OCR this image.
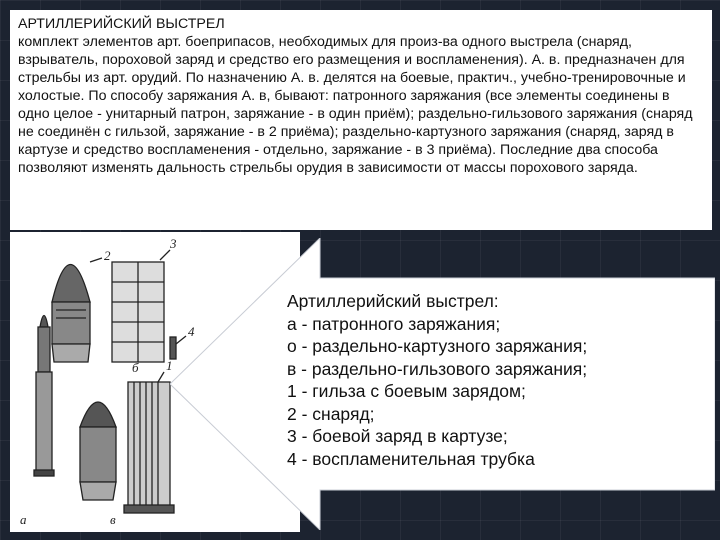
АРТИЛЛЕРИЙСКИЙ ВЫСТРЕЛ
комплект элементов арт. боеприпасов, необходимых для произ-ва одного выстрела (снаряд, взрыватель, пороховой заряд и средство его размещения и воспламенения). А. в. предназначен для стрельбы из арт. орудий. По назначению А. в. делятся на боевые, практич., учебно-тренировочные и холостые. По способу заряжания А. в, бывают: патронного заряжания (все элементы соединены в одно целое - унитарный патрон, заряжание - в один приём); раздельно-гильзового заряжания (снаряд не соединён с гильзой, заряжание - в 2 приёма); раздельно-картузного заряжания (снаряд, заряд в картузе и средство воспламенения - отдельно, заряжание - в 3 приёма). Последние два способа позволяют изменять дальность стрельбы орудия в зависимости от массы порохового заряда.
а
б
в
1
2
3
4
Артиллерийский выстрел:
а - патронного заряжания;
о - раздельно-картузного заряжания;
в - раздельно-гильзового заряжания;
1 - гильза с боевым зарядом;
2 - снаряд;
3 - боевой заряд в картузе;
4 - воспламенительная трубка
